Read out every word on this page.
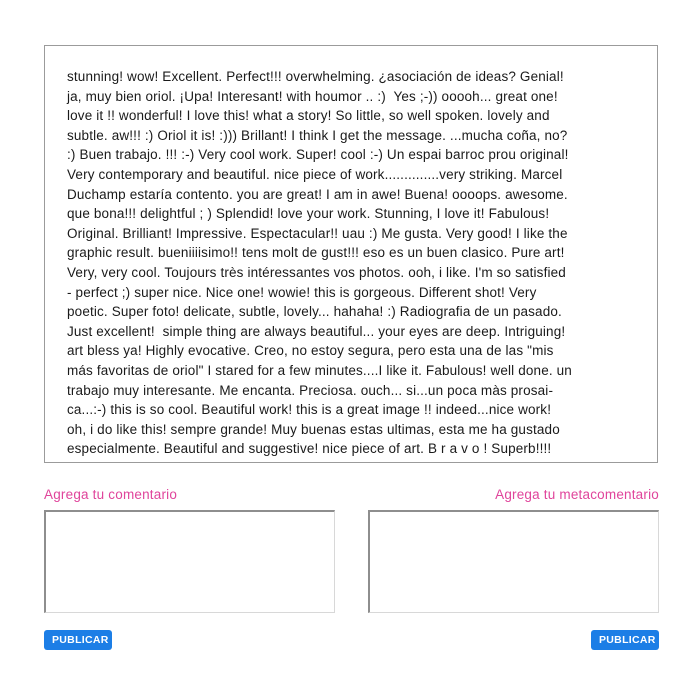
stunning! wow! Excellent. Perfect!!! overwhelming. ¿asociación de ideas? Genial!
ja, muy bien oriol. ¡Upa! Interesant! with houmor .. :)  Yes ;-)) ooooh... great one!
love it !! wonderful! I love this! what a story! So little, so well spoken. lovely and
subtle. aw!!! :) Oriol it is! :))) Brillant! I think I get the message. ...mucha coña, no?
:) Buen trabajo. !!! :-) Very cool work. Super! cool :-) Un espai barroc prou original!
Very contemporary and beautiful. nice piece of work..............very striking. Marcel
Duchamp estaría contento. you are great! I am in awe! Buena! oooops. awesome.
que bona!!! delightful ; ) Splendid! love your work. Stunning, I love it! Fabulous!
Original. Brilliant! Impressive. Espectacular!! uau :) Me gusta. Very good! I like the
graphic result. bueniiiisimo!! tens molt de gust!!! eso es un buen clasico. Pure art!
Very, very cool. Toujours très intéressantes vos photos. ooh, i like. I'm so satisfied
- perfect ;) super nice. Nice one! wowie! this is gorgeous. Different shot! Very
poetic. Super foto! delicate, subtle, lovely... hahaha! :) Radiografia de un pasado.
Just excellent!  simple thing are always beautiful... your eyes are deep. Intriguing!
art bless ya! Highly evocative. Creo, no estoy segura, pero esta una de las "mis
más favoritas de oriol" I stared for a few minutes....I like it. Fabulous! well done. un
trabajo muy interesante. Me encanta. Preciosa. ouch... si...un poca màs prosai-
ca...:-) this is so cool. Beautiful work! this is a great image !! indeed...nice work!
oh, i do like this! sempre grande! Muy buenas estas ultimas, esta me ha gustado
especialmente. Beautiful and suggestive! nice piece of art. B r a v o ! Superb!!!!

Agrega tu comentario	Agrega tu metacomentario
PUBLICAR	PUBLICAR
